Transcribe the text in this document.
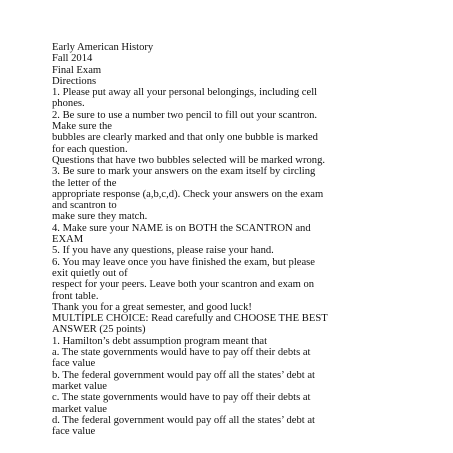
Early American History
Fall 2014
Final Exam
Directions
1. Please put away all your personal belongings, including cell
phones.
2. Be sure to use a number two pencil to fill out your scantron.
Make sure the
bubbles are clearly marked and that only one bubble is marked
for each question.
Questions that have two bubbles selected will be marked wrong.
3. Be sure to mark your answers on the exam itself by circling
the letter of the
appropriate response (a,b,c,d). Check your answers on the exam
and scantron to
make sure they match.
4. Make sure your NAME is on BOTH the SCANTRON and
EXAM
5. If you have any questions, please raise your hand.
6. You may leave once you have finished the exam, but please
exit quietly out of
respect for your peers. Leave both your scantron and exam on
front table.
Thank you for a great semester, and good luck!
MULTIPLE CHOICE: Read carefully and CHOOSE THE BEST
ANSWER (25 points)
1. Hamilton’s debt assumption program meant that
a. The state governments would have to pay off their debts at
face value
b. The federal government would pay off all the states’ debt at
market value
c. The state governments would have to pay off their debts at
market value
d. The federal government would pay off all the states’ debt at
face value
